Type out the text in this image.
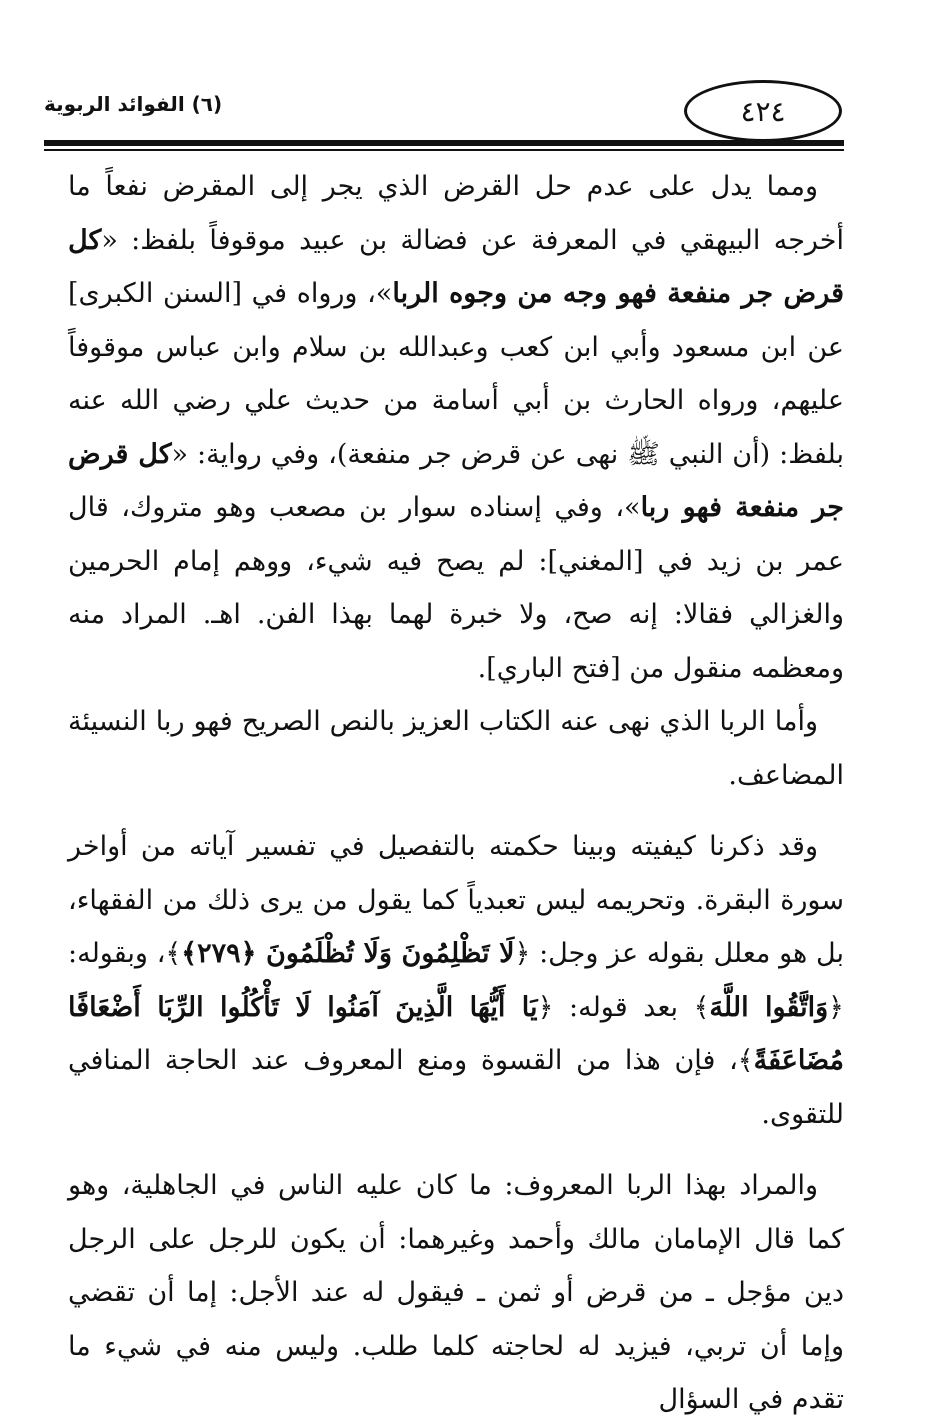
(٦) الفوائد الربوية	٤٢٤

ومما يدل على عدم حل القرض الذي يجر إلى المقرض نفعاً ما أخرجه البيهقي في المعرفة عن فضالة بن عبيد موقوفاً بلفظ: «كل قرض جر منفعة فهو وجه من وجوه الربا»، ورواه في [السنن الكبرى] عن ابن مسعود وأبي ابن كعب وعبدالله بن سلام وابن عباس موقوفاً عليهم، ورواه الحارث بن أبي أسامة من حديث علي رضي الله عنه بلفظ: (أن النبي ﷺ نهى عن قرض جر منفعة)، وفي رواية: «كل قرض جر منفعة فهو ربا»، وفي إسناده سوار بن مصعب وهو متروك، قال عمر بن زيد في [المغني]: لم يصح فيه شيء، ووهم إمام الحرمين والغزالي فقالا: إنه صح، ولا خبرة لهما بهذا الفن. اهـ. المراد منه ومعظمه منقول من [فتح الباري].

وأما الربا الذي نهى عنه الكتاب العزيز بالنص الصريح فهو ربا النسيئة المضاعف.

وقد ذكرنا كيفيته وبينا حكمته بالتفصيل في تفسير آياته من أواخر سورة البقرة. وتحريمه ليس تعبدياً كما يقول من يرى ذلك من الفقهاء، بل هو معلل بقوله عز وجل: ﴿لَا تَظْلِمُونَ وَلَا تُظْلَمُونَ ﴿٢٧٩﴾﴾، وبقوله: ﴿وَاتَّقُوا اللَّهَ﴾ بعد قوله: ﴿يَا أَيُّهَا الَّذِينَ آمَنُوا لَا تَأْكُلُوا الرِّبَا أَضْعَافًا مُضَاعَفَةً﴾، فإن هذا من القسوة ومنع المعروف عند الحاجة المنافي للتقوى.

والمراد بهذا الربا المعروف: ما كان عليه الناس في الجاهلية، وهو كما قال الإمامان مالك وأحمد وغيرهما: أن يكون للرجل على الرجل دين مؤجل ـ من قرض أو ثمن ـ فيقول له عند الأجل: إما أن تقضي وإما أن تربي، فيزيد له لحاجته كلما طلب. وليس منه في شيء ما تقدم في السؤال
